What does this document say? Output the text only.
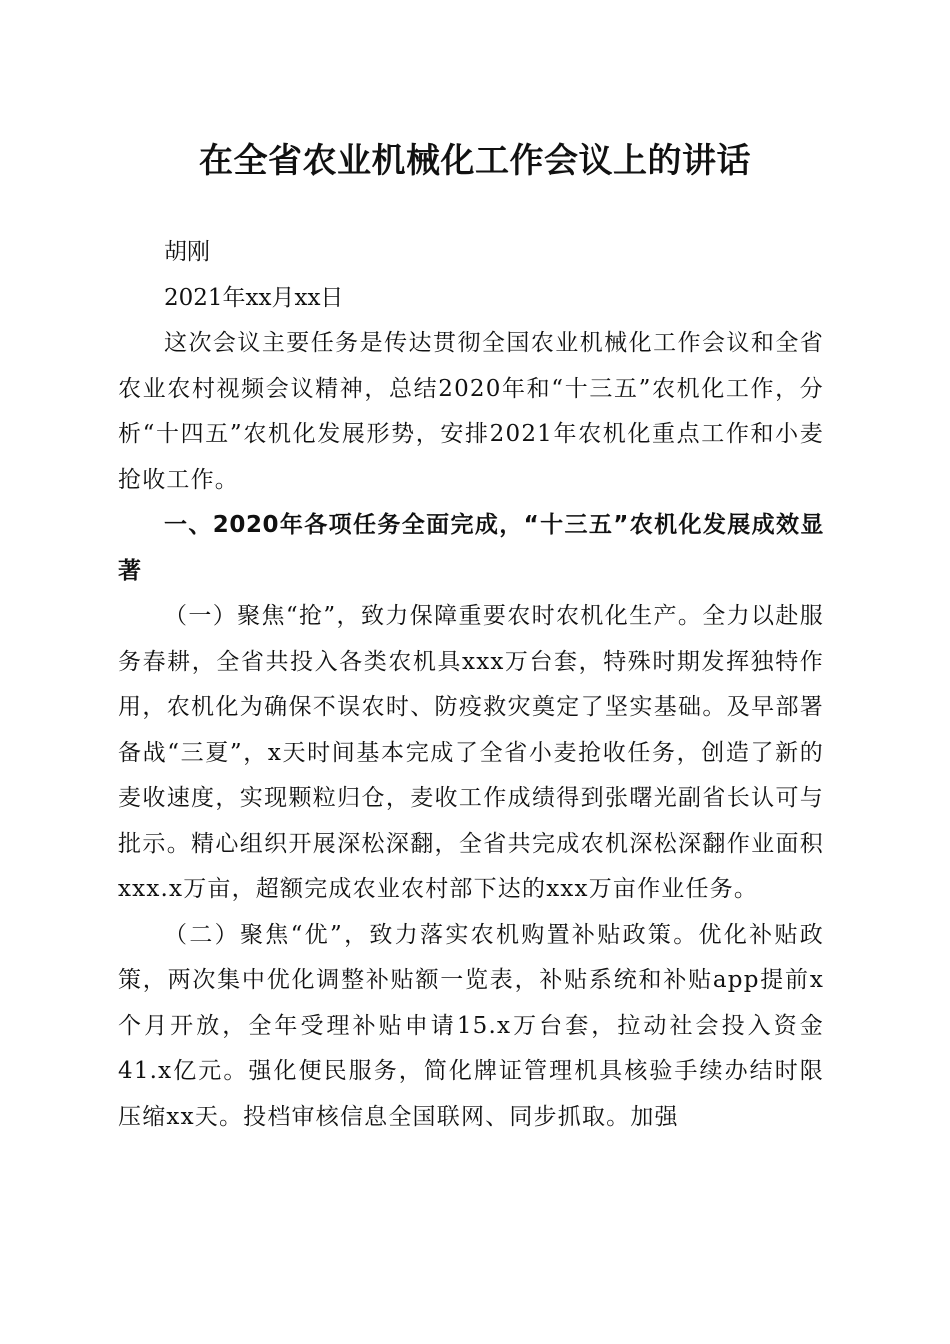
在全省农业机械化工作会议上的讲话

胡刚

2021年xx月xx日

这次会议主要任务是传达贯彻全国农业机械化工作会议和全省农业农村视频会议精神，总结2020年和“十三五”农机化工作，分析“十四五”农机化发展形势，安排2021年农机化重点工作和小麦抢收工作。

一、2020年各项任务全面完成，“十三五”农机化发展成效显著

（一）聚焦“抢”，致力保障重要农时农机化生产。全力以赴服务春耕，全省共投入各类农机具xxx万台套，特殊时期发挥独特作用，农机化为确保不误农时、防疫救灾奠定了坚实基础。及早部署备战“三夏”，x天时间基本完成了全省小麦抢收任务，创造了新的麦收速度，实现颗粒归仓，麦收工作成绩得到张曙光副省长认可与批示。精心组织开展深松深翻，全省共完成农机深松深翻作业面积xxx.x万亩，超额完成农业农村部下达的xxx万亩作业任务。

（二）聚焦“优”，致力落实农机购置补贴政策。优化补贴政策，两次集中优化调整补贴额一览表，补贴系统和补贴app提前x个月开放，全年受理补贴申请15.x万台套，拉动社会投入资金41.x亿元。强化便民服务，简化牌证管理机具核验手续办结时限压缩xx天。投档审核信息全国联网、同步抓取。加强
